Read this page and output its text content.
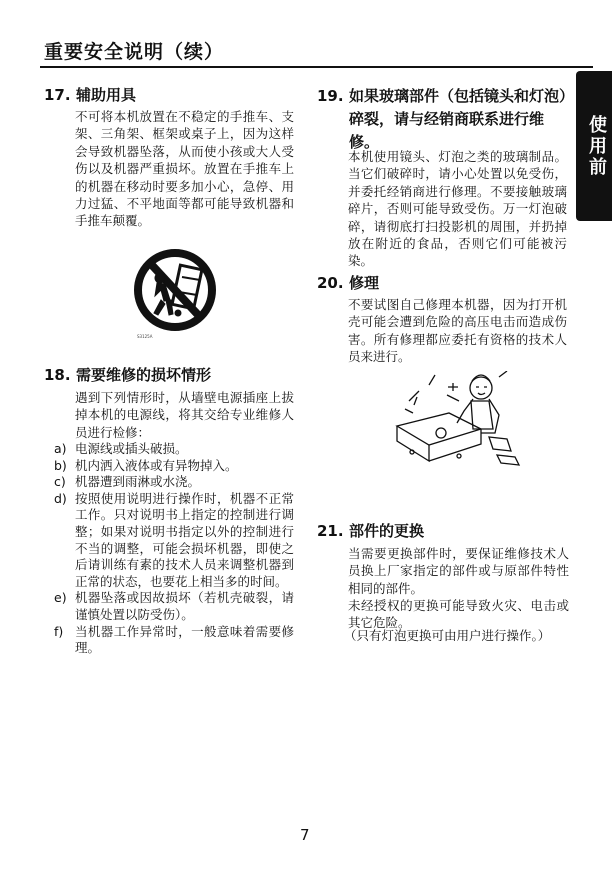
重要安全说明（续）
使用前
17. 辅助用具
不可将本机放置在不稳定的手推车、支架、三角架、框架或桌子上，因为这样会导致机器坠落，从而使小孩或大人受伤以及机器严重损坏。放置在手推车上的机器在移动时要多加小心，急停、用力过猛、不平地面等都可能导致机器和手推车颠覆。
S3125A
18. 需要维修的损坏情形
遇到下列情形时，从墙壁电源插座上拔掉本机的电源线，将其交给专业维修人员进行检修：
a) 电源线或插头破损。
b) 机内洒入液体或有异物掉入。
c) 机器遭到雨淋或水浇。
d) 按照使用说明进行操作时，机器不正常工作。只对说明书上指定的控制进行调整；如果对说明书指定以外的控制进行不当的调整，可能会损坏机器，即使之后请训练有素的技术人员来调整机器到正常的状态，也要花上相当多的时间。
e) 机器坠落或因故损坏（若机壳破裂，请谨慎处置以防受伤）。
f) 当机器工作异常时，一般意味着需要修理。
19. 如果玻璃部件（包括镜头和灯泡）碎裂，请与经销商联系进行维修。
本机使用镜头、灯泡之类的玻璃制品。当它们破碎时，请小心处置以免受伤，并委托经销商进行修理。不要接触玻璃碎片，否则可能导致受伤。万一灯泡破碎，请彻底打扫投影机的周围，并扔掉放在附近的食品，否则它们可能被污染。
20. 修理
不要试图自己修理本机器，因为打开机壳可能会遭到危险的高压电击而造成伤害。所有修理都应委托有资格的技术人员来进行。
21. 部件的更换
当需要更换部件时，要保证维修技术人员换上厂家指定的部件或与原部件特性相同的部件。
未经授权的更换可能导致火灾、电击或其它危险。
（只有灯泡更换可由用户进行操作。）
7
